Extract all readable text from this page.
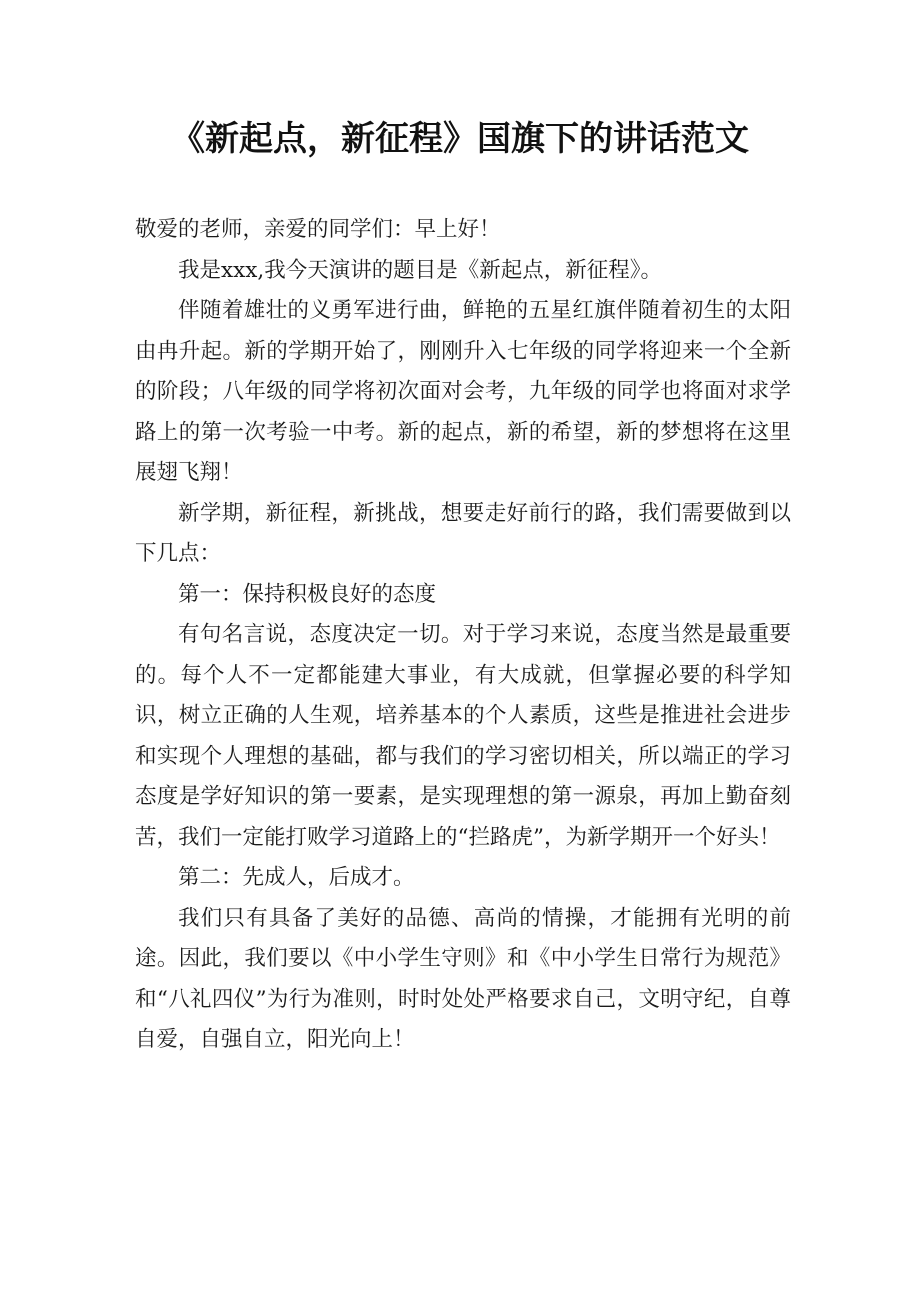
《新起点，新征程》国旗下的讲话范文

敬爱的老师，亲爱的同学们：早上好！

我是xxx,我今天演讲的题目是《新起点，新征程》。

伴随着雄壮的义勇军进行曲，鲜艳的五星红旗伴随着初生的太阳由冉升起。新的学期开始了，刚刚升入七年级的同学将迎来一个全新的阶段；八年级的同学将初次面对会考，九年级的同学也将面对求学路上的第一次考验一中考。新的起点，新的希望，新的梦想将在这里展翅飞翔！

新学期，新征程，新挑战，想要走好前行的路，我们需要做到以下几点：

第一：保持积极良好的态度

有句名言说，态度决定一切。对于学习来说，态度当然是最重要的。每个人不一定都能建大事业，有大成就，但掌握必要的科学知识，树立正确的人生观，培养基本的个人素质，这些是推进社会进步和实现个人理想的基础，都与我们的学习密切相关，所以端正的学习态度是学好知识的第一要素，是实现理想的第一源泉，再加上勤奋刻苦，我们一定能打败学习道路上的“拦路虎”，为新学期开一个好头！

第二：先成人，后成才。

我们只有具备了美好的品德、高尚的情操，才能拥有光明的前途。因此，我们要以《中小学生守则》和《中小学生日常行为规范》和“八礼四仪”为行为准则，时时处处严格要求自己，文明守纪，自尊自爱，自强自立，阳光向上！
